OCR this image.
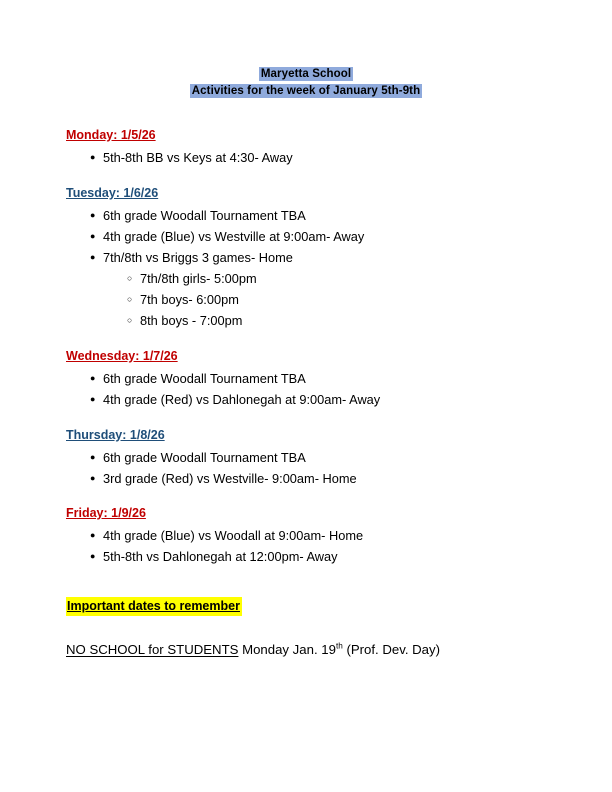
Maryetta School
Activities for the week of January 5th-9th
Monday: 1/5/26
● 5th-8th BB vs Keys at 4:30- Away
Tuesday: 1/6/26
● 6th grade Woodall Tournament TBA
● 4th grade (Blue) vs Westville at 9:00am- Away
● 7th/8th vs Briggs 3 games- Home
○ 7th/8th girls- 5:00pm
○ 7th boys- 6:00pm
○ 8th boys - 7:00pm
Wednesday: 1/7/26
● 6th grade Woodall Tournament TBA
● 4th grade (Red) vs Dahlonegah at 9:00am- Away
Thursday: 1/8/26
● 6th grade Woodall Tournament TBA
● 3rd grade (Red) vs Westville- 9:00am- Home
Friday: 1/9/26
● 4th grade (Blue) vs Woodall at 9:00am- Home
● 5th-8th vs Dahlonegah at 12:00pm- Away
Important dates to remember
NO SCHOOL for STUDENTS Monday Jan. 19th (Prof. Dev. Day)
